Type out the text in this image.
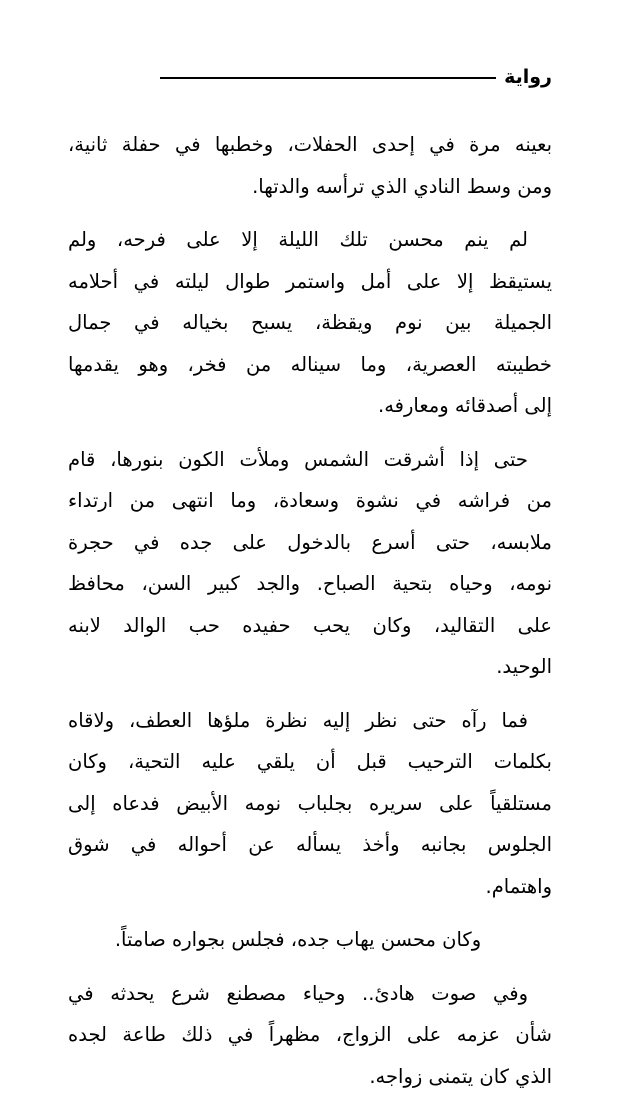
رواية
بعينه مرة في إحدى الحفلات، وخطبها في حفلة ثانية،
ومن وسط النادي الذي ترأسه والدتها.
لم ينم محسن تلك الليلة إلا على فرحه، ولم
يستيقظ إلا على أمل واستمر طوال ليلته في أحلامه
الجميلة بين نوم ويقظة، يسبح بخياله في جمال
خطيبته العصرية، وما سيناله من فخر، وهو يقدمها
إلى أصدقائه ومعارفه.
حتى إذا أشرقت الشمس وملأت الكون بنورها، قام
من فراشه في نشوة وسعادة، وما انتهى من ارتداء
ملابسه، حتى أسرع بالدخول على جده في حجرة
نومه، وحياه بتحية الصباح. والجد كبير السن، محافظ
على التقاليد، وكان يحب حفيده حب الوالد لابنه
الوحيد.
فما رآه حتى نظر إليه نظرة ملؤها العطف، ولاقاه
بكلمات الترحيب قبل أن يلقي عليه التحية، وكان
مستلقياً على سريره بجلباب نومه الأبيض فدعاه إلى
الجلوس بجانبه وأخذ يسأله عن أحواله في شوق
واهتمام.
وكان محسن يهاب جده، فجلس بجواره صامتاً.
وفي صوت هادئ.. وحياء مصطنع شرع يحدثه في
شأن عزمه على الزواج، مظهراً في ذلك طاعة لجده
الذي كان يتمنى زواجه.
